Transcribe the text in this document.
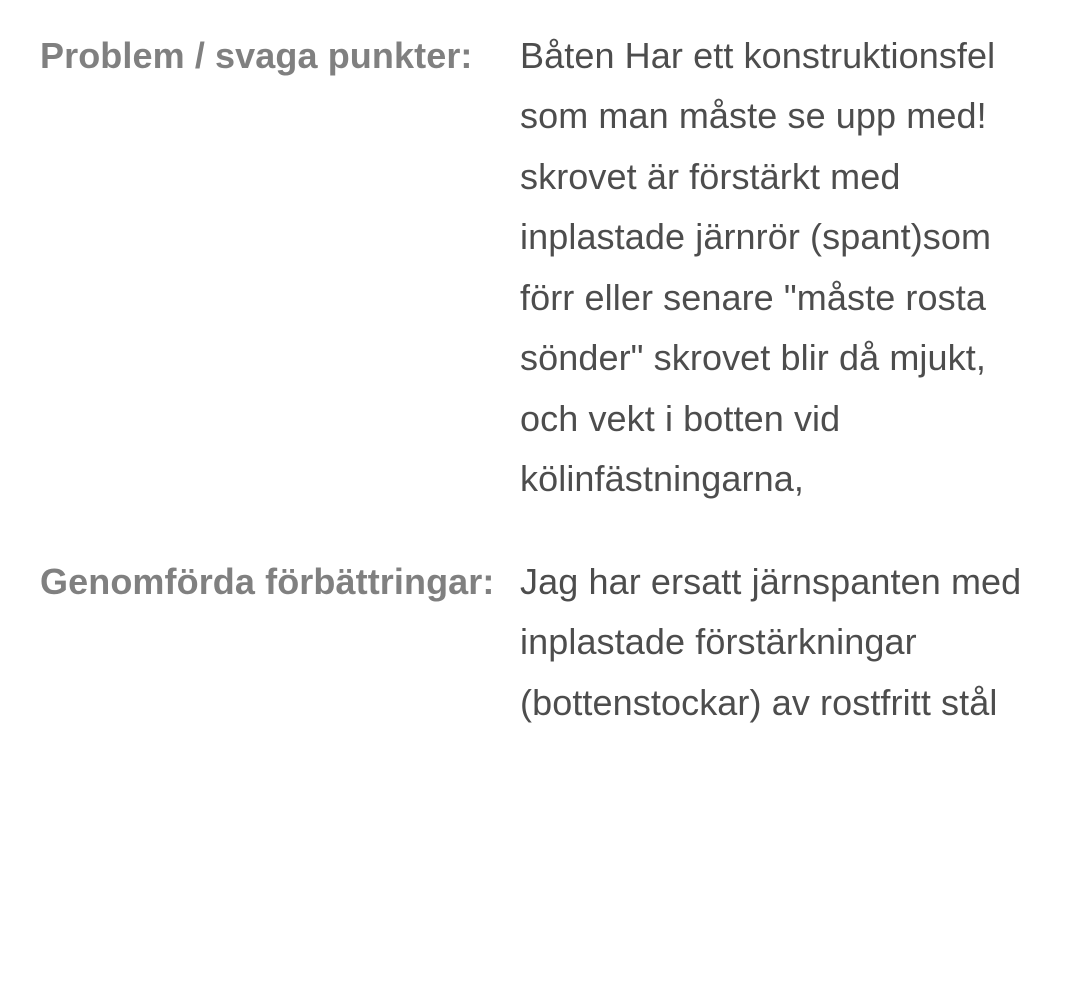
Problem / svaga punkter:	Båten Har ett konstruktionsfel som man måste se upp med! skrovet är förstärkt med inplastade järnrör (spant)som förr eller senare "måste rosta sönder" skrovet blir då mjukt, och vekt i botten vid kölinfästningarna,
Genomförda förbättringar: Jag har ersatt järnspanten med inplastade förstärkningar (bottenstockar) av rostfritt stål
